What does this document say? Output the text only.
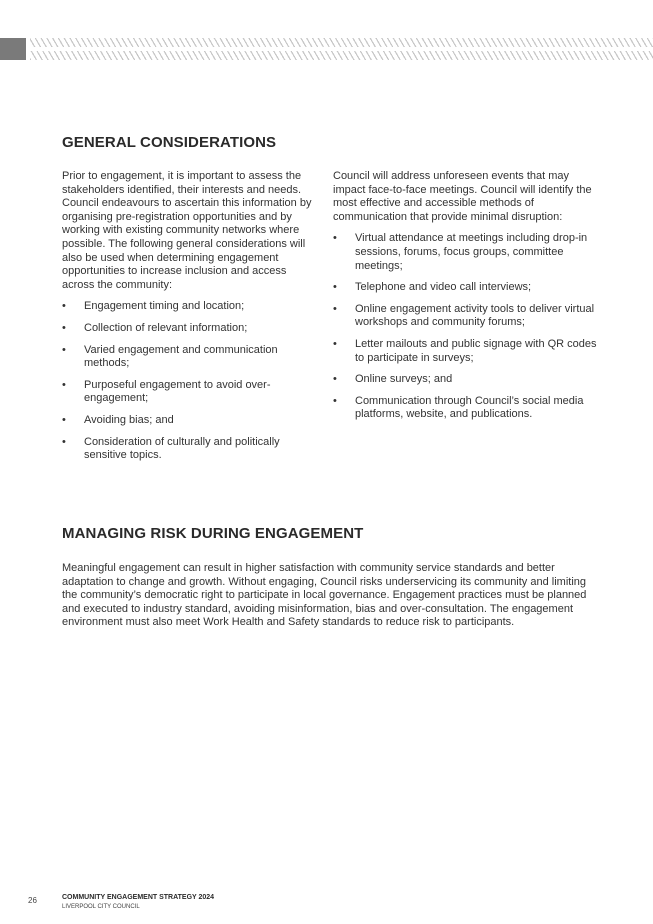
GENERAL CONSIDERATIONS

Prior to engagement, it is important to assess the stakeholders identified, their interests and needs. Council endeavours to ascertain this information by organising pre-registration opportunities and by working with existing community networks where possible. The following general considerations will also be used when determining engagement opportunities to increase inclusion and access across the community:

• Engagement timing and location;
• Collection of relevant information;
• Varied engagement and communication methods;
• Purposeful engagement to avoid over-engagement;
• Avoiding bias; and
• Consideration of culturally and politically sensitive topics.

Council will address unforeseen events that may impact face-to-face meetings. Council will identify the most effective and accessible methods of communication that provide minimal disruption:

• Virtual attendance at meetings including drop-in sessions, forums, focus groups, committee meetings;
• Telephone and video call interviews;
• Online engagement activity tools to deliver virtual workshops and community forums;
• Letter mailouts and public signage with QR codes to participate in surveys;
• Online surveys; and
• Communication through Council’s social media platforms, website, and publications.
MANAGING RISK DURING ENGAGEMENT

Meaningful engagement can result in higher satisfaction with community service standards and better adaptation to change and growth. Without engaging, Council risks underservicing its community and limiting the community’s democratic right to participate in local governance. Engagement practices must be planned and executed to industry standard, avoiding misinformation, bias and over-consultation. The engagement environment must also meet Work Health and Safety standards to reduce risk to participants.

26	COMMUNITY ENGAGEMENT STRATEGY 2024
LIVERPOOL CITY COUNCIL
